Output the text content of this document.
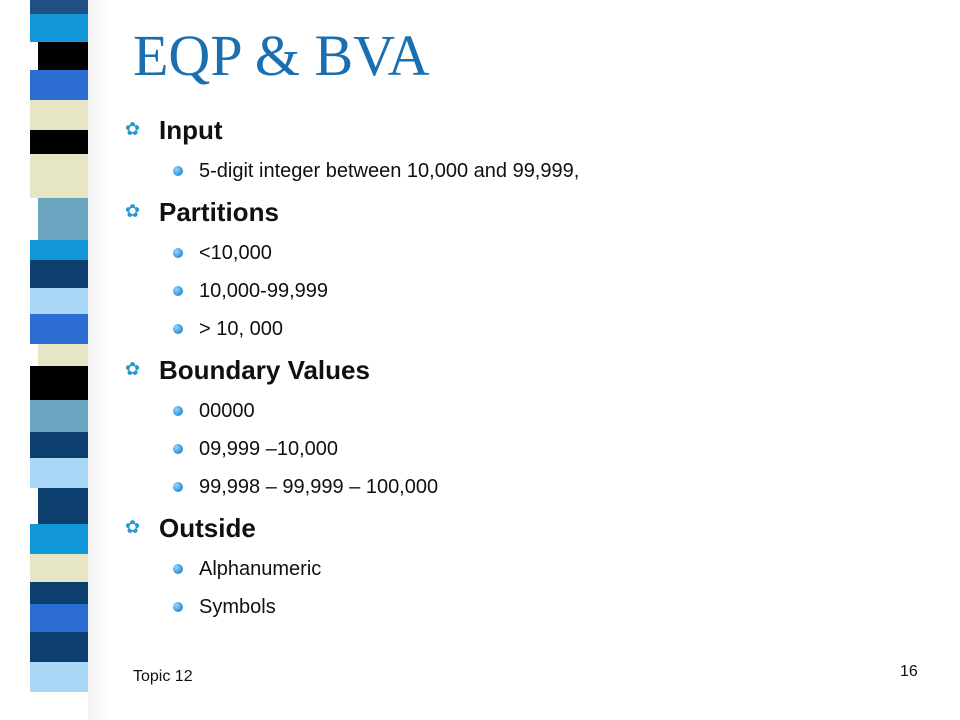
EQP & BVA
✿ Input
5-digit integer between 10,000 and 99,999,
✿ Partitions
<10,000
10,000-99,999
> 10, 000
✿ Boundary Values
00000
09,999 –10,000
99,998 – 99,999 – 100,000
✿ Outside
Alphanumeric
Symbols
Topic 12	16
